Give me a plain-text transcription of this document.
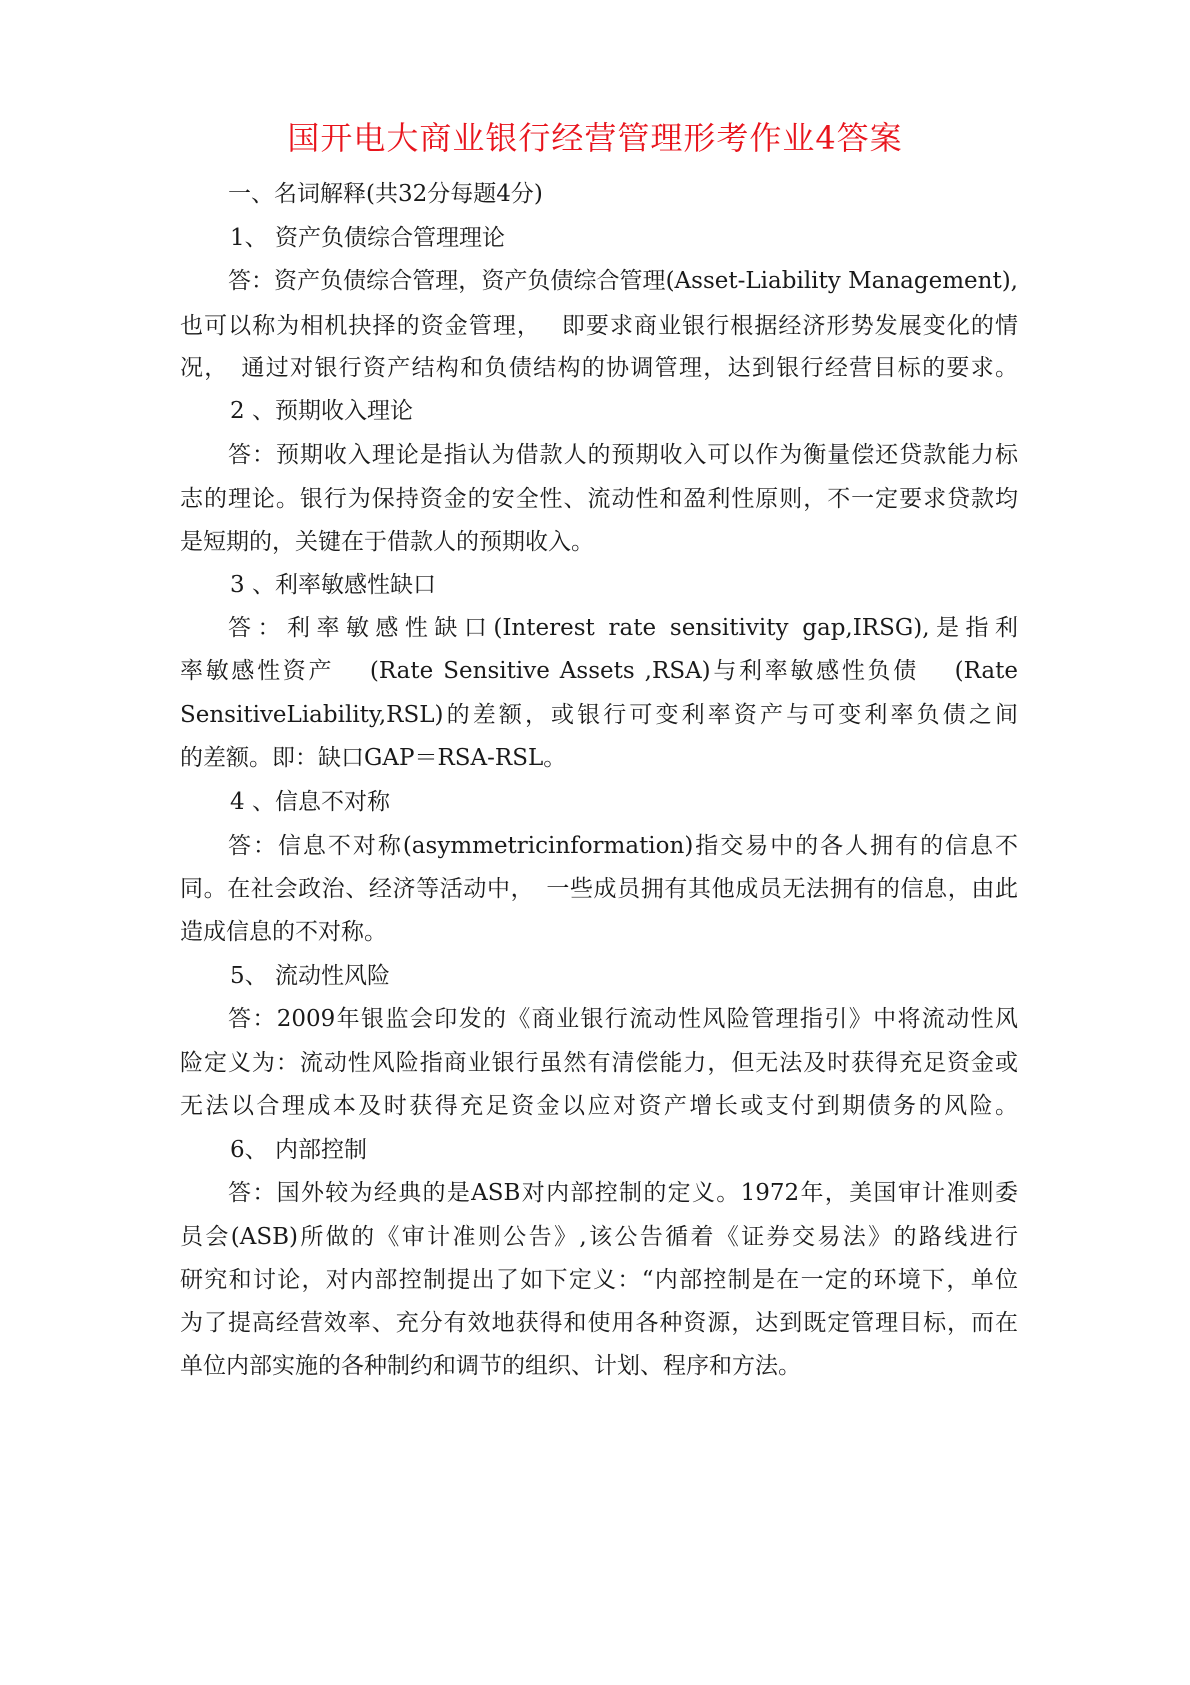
国开电大商业银行经营管理形考作业4答案
一、名词解释(共32分每题4分)
1、 资产负债综合管理理论
答：资产负债综合管理，资产负债综合管理(Asset-Liability Management),
也可以称为相机抉择的资金管理，　 即要求商业银行根据经济形势发展变化的情
况，　通过对银行资产结构和负债结构的协调管理，达到银行经营目标的要求。
2 、预期收入理论
答：预期收入理论是指认为借款人的预期收入可以作为衡量偿还贷款能力标
志的理论。银行为保持资金的安全性、流动性和盈利性原则，不一定要求贷款均
是短期的，关键在于借款人的预期收入。
3 、利率敏感性缺口
答：利率敏感性缺口(Interest rate sensitivity gap,IRSG),是指利
率敏感性资产　 (Rate Sensitive Assets ,RSA)与利率敏感性负债　 (Rate
SensitiveLiability,RSL)的差额，或银行可变利率资产与可变利率负债之间
的差额。即：缺口GAP＝RSA-RSL。
4 、信息不对称
答：信息不对称(asymmetricinformation)指交易中的各人拥有的信息不
同。在社会政治、经济等活动中，　一些成员拥有其他成员无法拥有的信息，由此
造成信息的不对称。
5、 流动性风险
答：2009年银监会印发的《商业银行流动性风险管理指引》中将流动性风
险定义为：流动性风险指商业银行虽然有清偿能力，但无法及时获得充足资金或
无法以合理成本及时获得充足资金以应对资产增长或支付到期债务的风险。
6、 内部控制
答：国外较为经典的是ASB对内部控制的定义。1972年，美国审计准则委
员会(ASB)所做的《审计准则公告》,该公告循着《证券交易法》的路线进行
研究和讨论，对内部控制提出了如下定义：“内部控制是在一定的环境下，单位
为了提高经营效率、充分有效地获得和使用各种资源，达到既定管理目标，而在
单位内部实施的各种制约和调节的组织、计划、程序和方法。
